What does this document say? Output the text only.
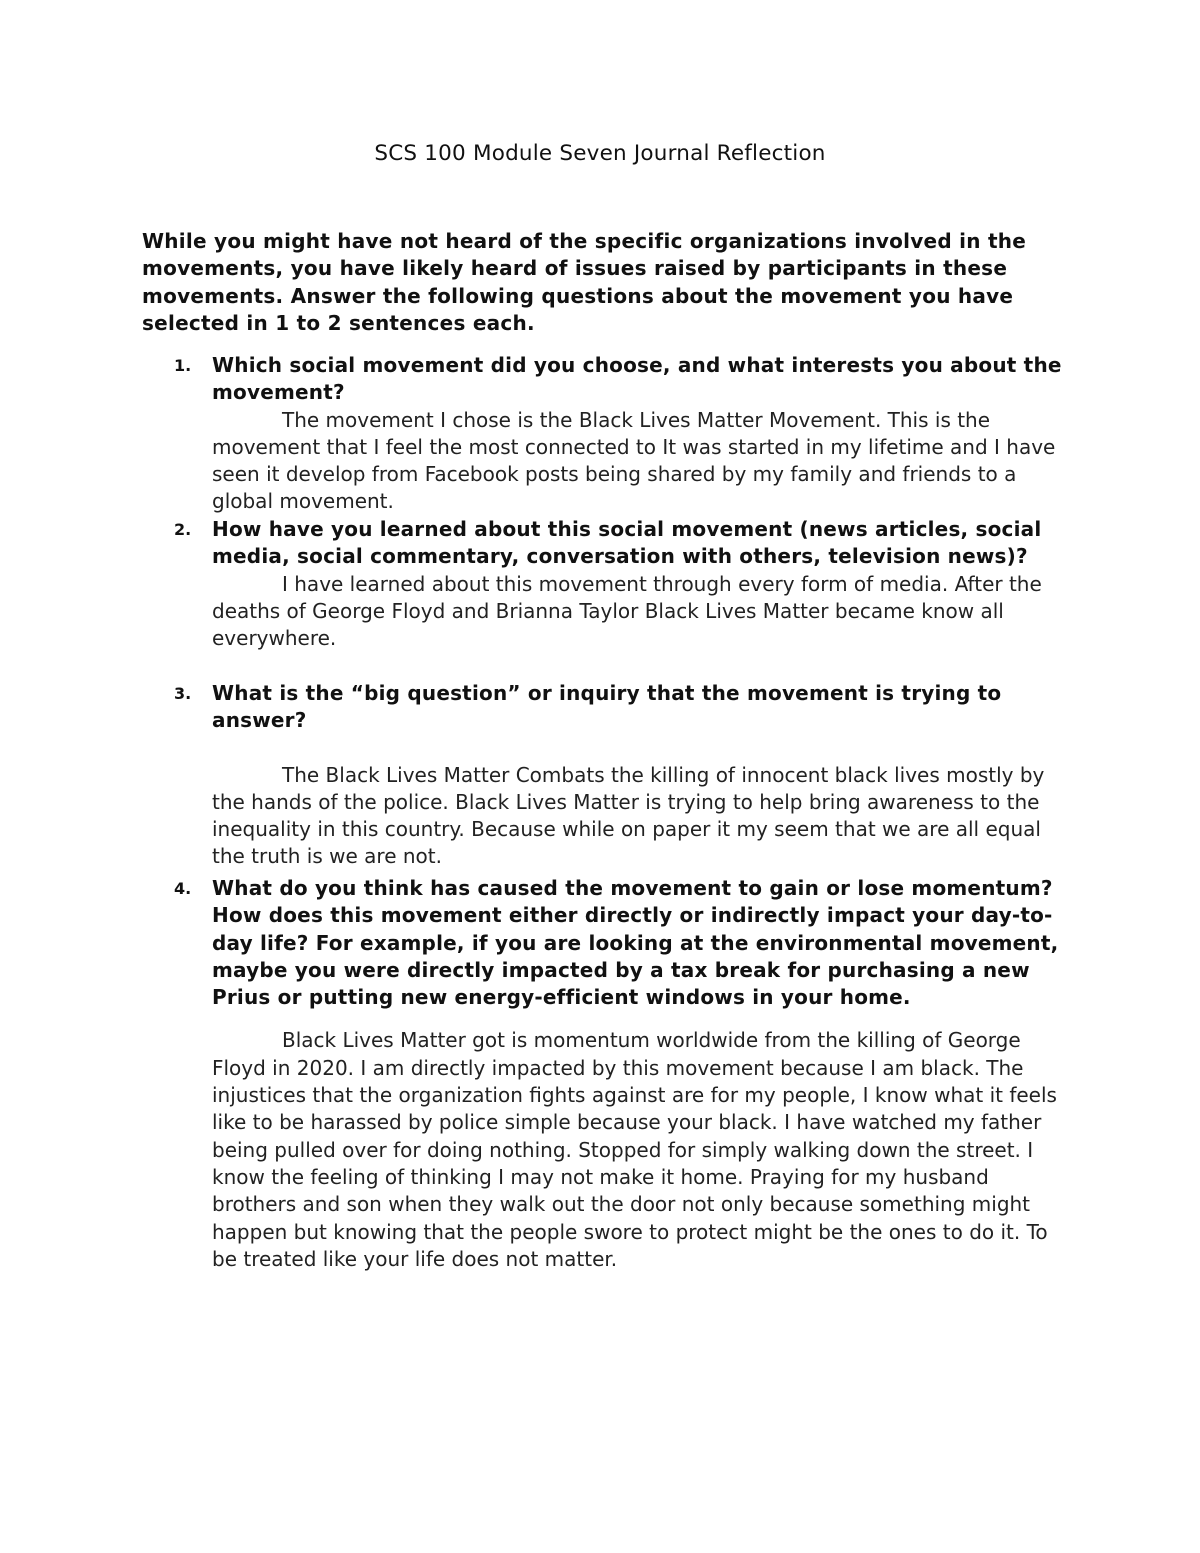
SCS 100 Module Seven Journal Reflection
While you might have not heard of the specific organizations involved in the movements, you have likely heard of issues raised by participants in these movements. Answer the following questions about the movement you have selected in 1 to 2 sentences each.
1. Which social movement did you choose, and what interests you about the movement?
The movement I chose is the Black Lives Matter Movement. This is the movement that I feel the most connected to It was started in my lifetime and I have seen it develop from Facebook posts being shared by my family and friends to a global movement.
2. How have you learned about this social movement (news articles, social media, social commentary, conversation with others, television news)?
I have learned about this movement through every form of media. After the deaths of George Floyd and Brianna Taylor Black Lives Matter became know all everywhere.
3. What is the “big question” or inquiry that the movement is trying to answer?
The Black Lives Matter Combats the killing of innocent black lives mostly by the hands of the police. Black Lives Matter is trying to help bring awareness to the inequality in this country. Because while on paper it my seem that we are all equal the truth is we are not.
4. What do you think has caused the movement to gain or lose momentum? How does this movement either directly or indirectly impact your day-to-day life? For example, if you are looking at the environmental movement, maybe you were directly impacted by a tax break for purchasing a new Prius or putting new energy-efficient windows in your home.
Black Lives Matter got is momentum worldwide from the killing of George Floyd in 2020. I am directly impacted by this movement because I am black. The injustices that the organization fights against are for my people, I know what it feels like to be harassed by police simple because your black. I have watched my father being pulled over for doing nothing. Stopped for simply walking down the street. I know the feeling of thinking I may not make it home. Praying for my husband brothers and son when they walk out the door not only because something might happen but knowing that the people swore to protect might be the ones to do it. To be treated like your life does not matter.
